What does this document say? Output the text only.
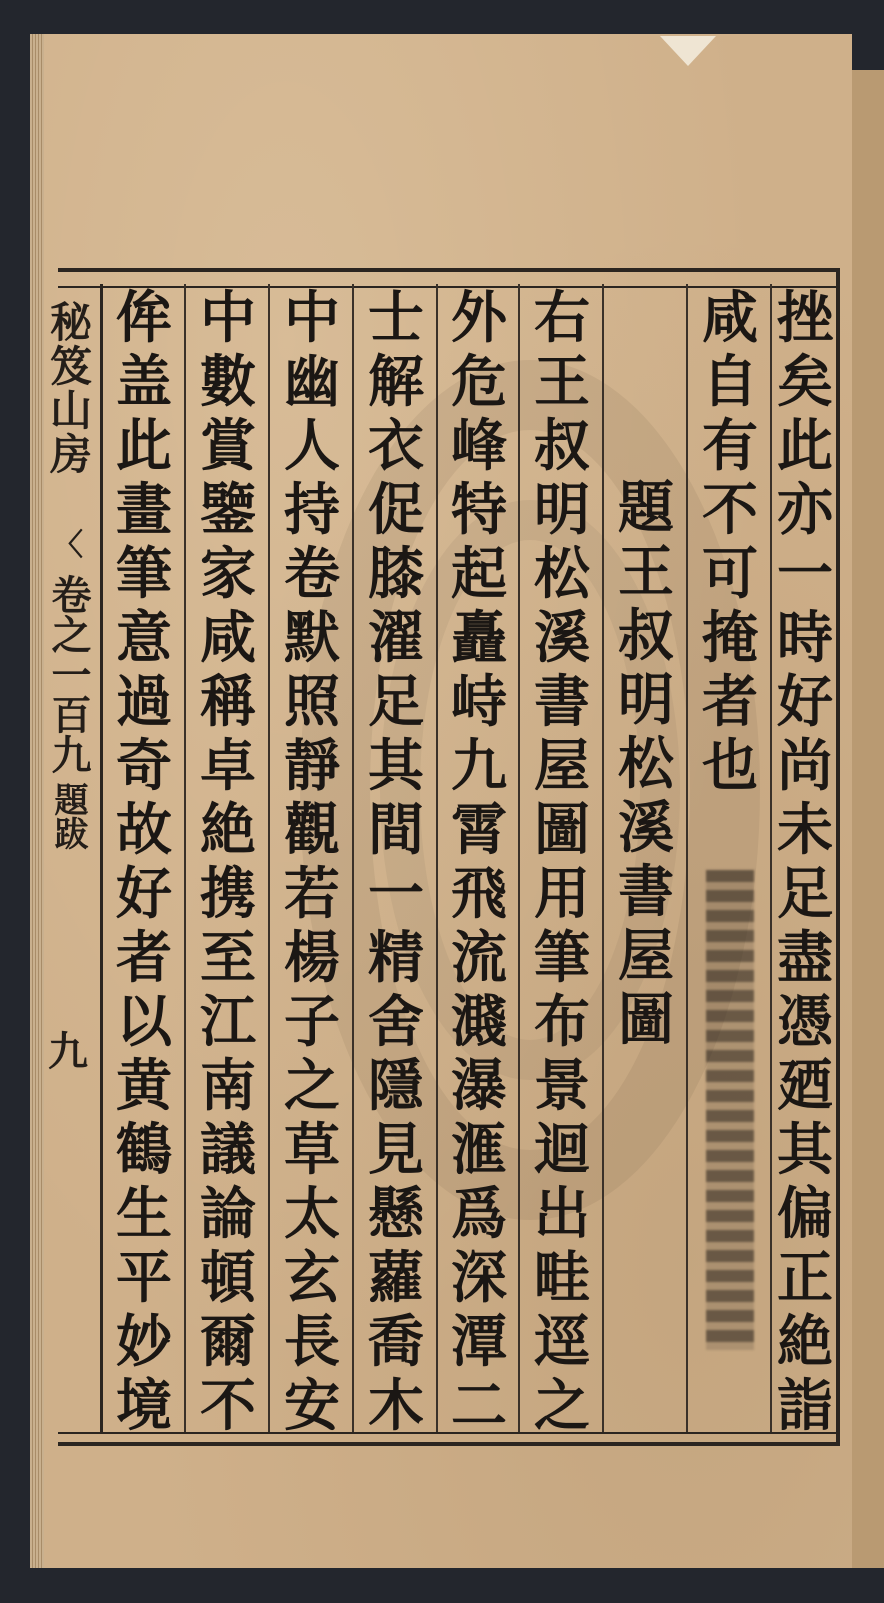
挫
矣
此
亦
一
時
好
尚
未
足
盡
憑
廼
其
偏
正
絶
詣
咸
自
有
不
可
掩
者
也
題
王
叔
明
松
溪
書
屋
圖
右
王
叔
明
松
溪
書
屋
圖
用
筆
布
景
迴
出
畦
逕
之
外
危
峰
特
起
矗
峙
九
霄
飛
流
濺
瀑
滙
爲
深
潭
二
士
解
衣
促
膝
濯
足
其
間
一
精
舍
隱
見
懸
蘿
喬
木
中
幽
人
持
卷
默
照
靜
觀
若
楊
子
之
草
太
玄
長
安
中
數
賞
鑒
家
咸
稱
卓
絶
携
至
江
南
議
論
頓
爾
不
侔
盖
此
畫
筆
意
過
奇
故
好
者
以
黄
鶴
生
平
妙
境
秘笈山房
〈
卷之一百九
題跋
九
